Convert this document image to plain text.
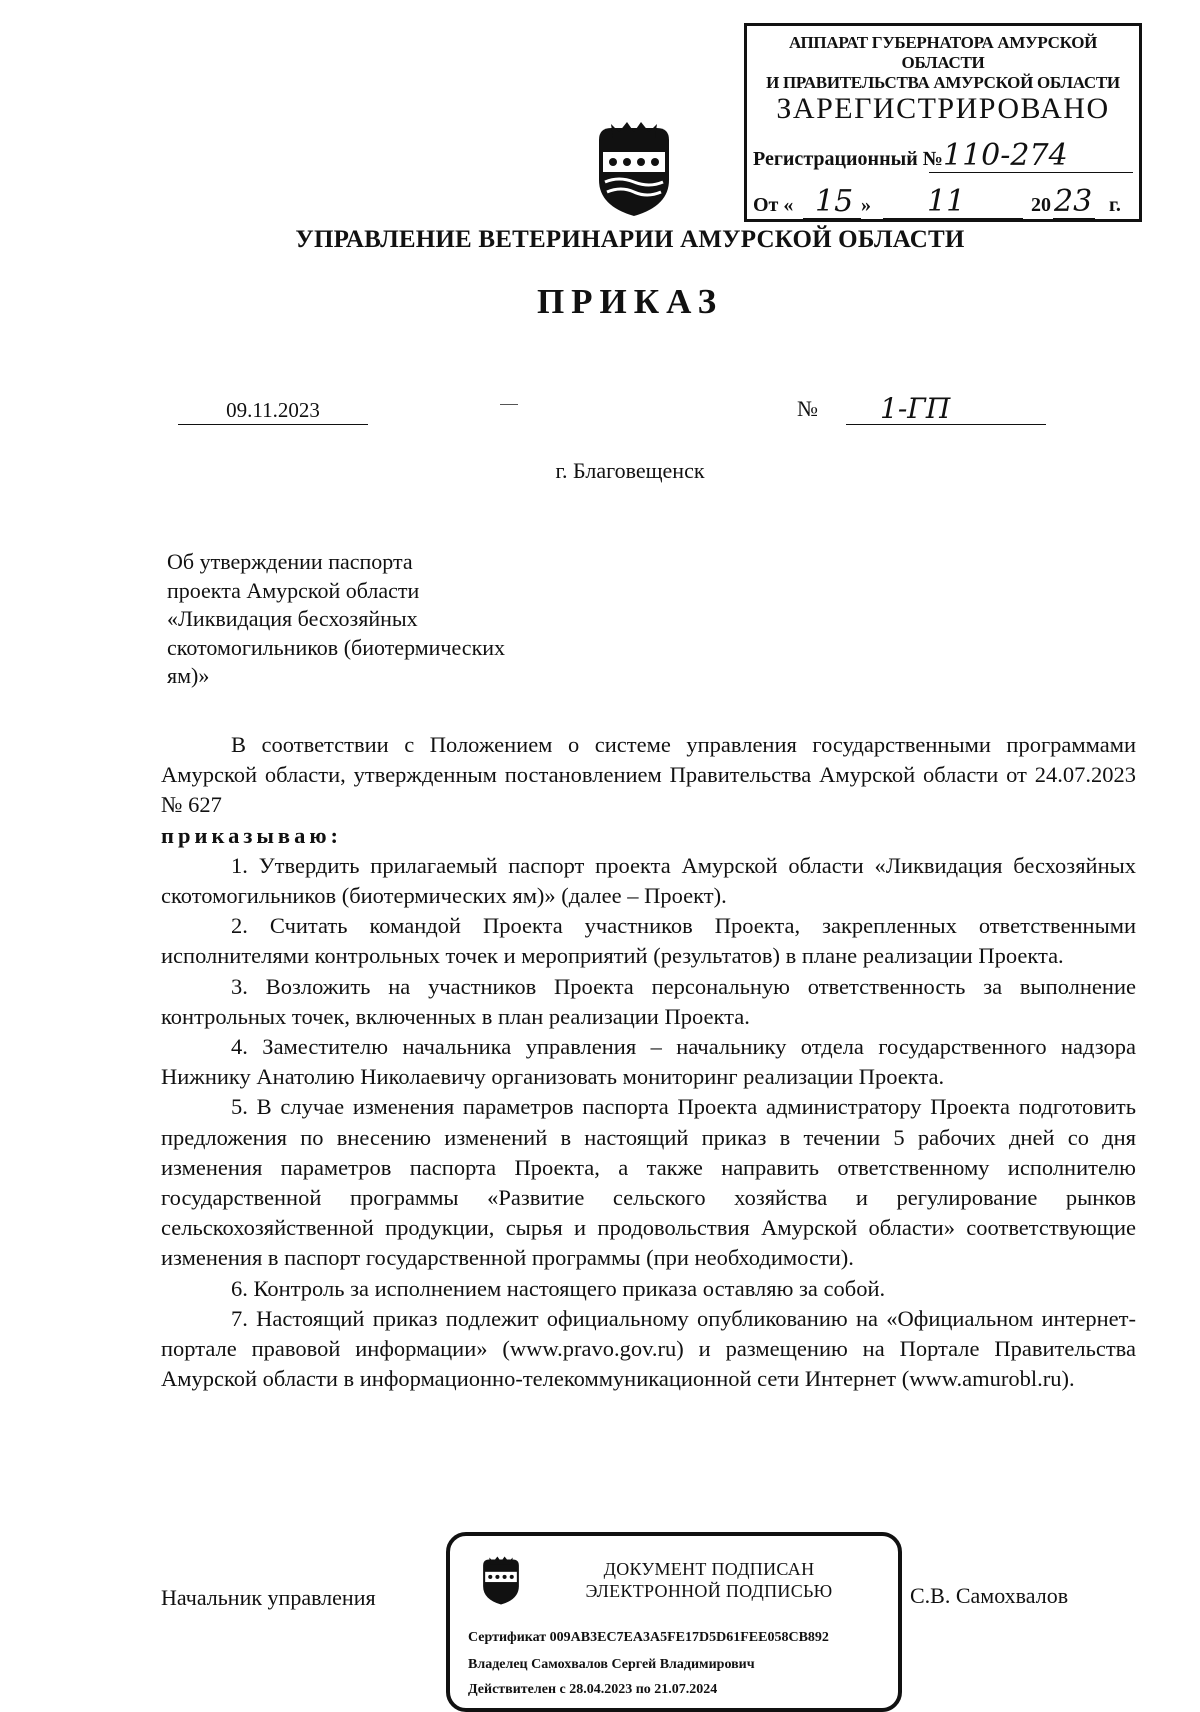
АППАРАТ ГУБЕРНАТОРА АМУРСКОЙ ОБЛАСТИ
И ПРАВИТЕЛЬСТВА АМУРСКОЙ ОБЛАСТИ
ЗАРЕГИСТРИРОВАНО
Регистрационный № 110-274
От « 15 » 11	20 23 г.
УПРАВЛЕНИЕ ВЕТЕРИНАРИИ АМУРСКОЙ ОБЛАСТИ
ПРИКАЗ
09.11.2023	№ 1-ГП
г. Благовещенск
Об утверждении паспорта
проекта Амурской области
«Ликвидация бесхозяйных
скотомогильников (биотермических
ям)»

В соответствии с Положением о системе управления государственными программами Амурской области, утвержденным постановлением Правительства Амурской области от 24.07.2023 № 627

приказываю:

1. Утвердить прилагаемый паспорт проекта Амурской области «Ликвидация бесхозяйных скотомогильников (биотермических ям)» (далее – Проект).

2. Считать командой Проекта участников Проекта, закрепленных ответственными исполнителями контрольных точек и мероприятий (результатов) в плане реализации Проекта.

3. Возложить на участников Проекта персональную ответственность за выполнение контрольных точек, включенных в план реализации Проекта.

4. Заместителю начальника управления – начальнику отдела государственного надзора Нижнику Анатолию Николаевичу организовать мониторинг реализации Проекта.

5. В случае изменения параметров паспорта Проекта администратору Проекта подготовить предложения по внесению изменений в настоящий приказ в течении 5 рабочих дней со дня изменения параметров паспорта Проекта, а также направить ответственному исполнителю государственной программы «Развитие сельского хозяйства и регулирование рынков сельскохозяйственной продукции, сырья и продовольствия Амурской области» соответствующие изменения в паспорт государственной программы (при необходимости).

6. Контроль за исполнением настоящего приказа оставляю за собой.

7. Настоящий приказ подлежит официальному опубликованию на «Официальном интернет-портале правовой информации» (www.pravo.gov.ru) и размещению на Портале Правительства Амурской области в информационно-телекоммуникационной сети Интернет (www.amurobl.ru).

Начальник управления	С.В. Самохвалов
ДОКУМЕНТ ПОДПИСАН
ЭЛЕКТРОННОЙ ПОДПИСЬЮ
Сертификат 009AB3EC7EA3A5FE17D5D61FEE058CB892
Владелец Самохвалов Сергей Владимирович
Действителен с 28.04.2023 по 21.07.2024
